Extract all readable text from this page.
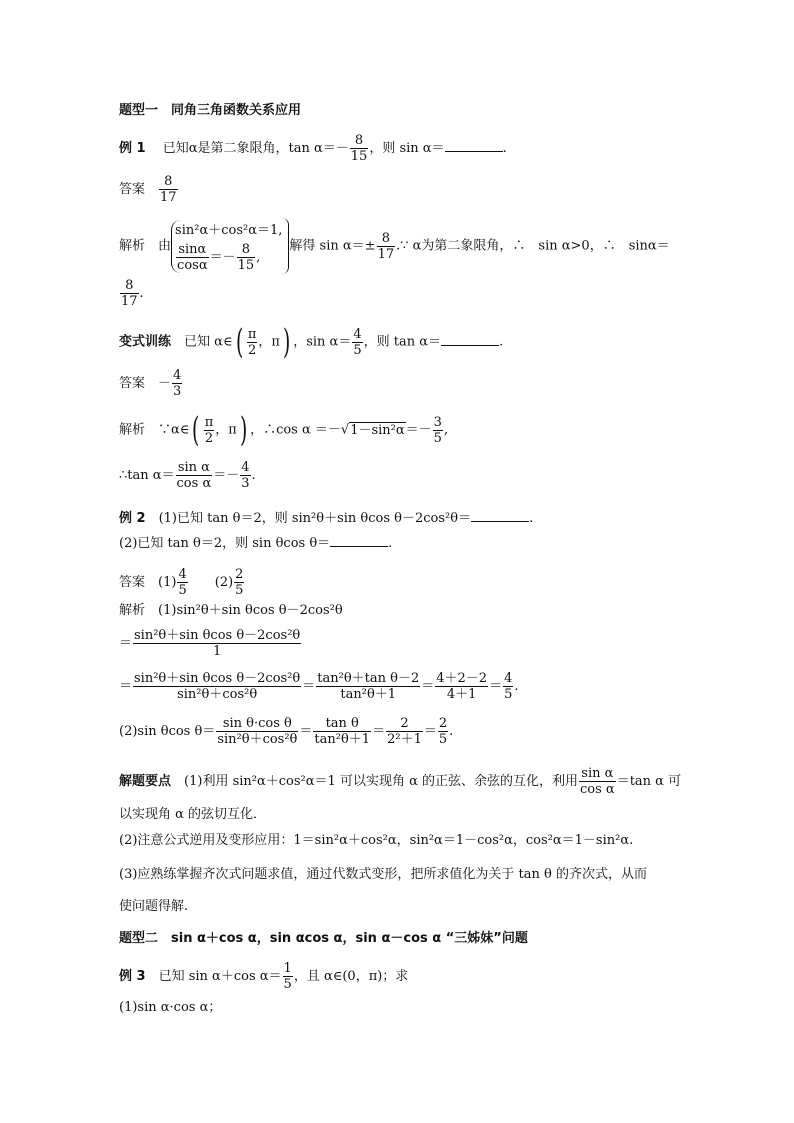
题型一　同角三角函数关系应用
例 1　 已知α是第二象限角，$\tan \alpha=- \frac{8}{15}$ ，则 sin α＝	.
答案　 $\frac{8}{17}$
解析　 由
sin²α＋cos²α＝1,
$\frac{\sin\alpha}{\cos\alpha} =- \frac{8}{15}$ ,
解得 $\sin \alpha=\pm \frac{8}{17}$ .∵ α为第二象限角，∴　sin α>0，∴　sinα＝
$\frac{8}{17}$ .
变式训练　 已知 α∈( $\frac{\pi}{2}$ ，π) ，$\sin \alpha= \frac{4}{5}$ ，则 tan α＝	.
答案　 － $\frac{4}{3}$
解析　 ∵α∈( $\frac{\pi}{2}$ ，π) ，∴cos $\alpha =-√1-\sin^2\alpha=- \frac{3}{5}$ ,
∴tan $\alpha= \frac{\text{sin α}}{\text{cos α}} =- \frac{4}{3}$ .
例 2　 (1)已知 tan θ＝2，则 sin²θ＋sin θcos θ－2cos²θ＝	.
(2)已知 tan θ＝2，则 sin θcos θ＝	.
答案　 $(1) \frac{4}{5}$
　　 $(2) \frac{2}{5}$
解析　 (1)sin²θ＋sin θcos θ－2cos²θ
＝ $\frac{\text{sin²θ＋sin θcos θ－2cos²θ}}{1}$
＝ $\frac{\text{sin²θ＋sin θcos θ－2cos²θ}}{\text{sin²θ＋cos²θ}} = \frac{\text{tan²θ＋tan θ－2}}{\text{tan²θ＋1}} = \frac{4+2-2}{4+1} = \frac{4}{5}$ .
(2)sin θcos $\theta= \frac{\text{sin θ·cos θ}}{\text{sin²θ＋cos²θ}} = \frac{\text{tan θ}}{\text{tan²θ＋1}} = \frac{2}{\text{2²＋1}} = \frac{2}{5}$ .
解题要点　 (1)利用 sin²α＋cos²α＝1 可以实现角 α 的正弦、余弦的互化，利用 $\frac{\text{sin α}}{\text{cos α}} =\tan$ α 可
以实现角 α 的弦切互化．
(2)注意公式逆用及变形应用：1＝sin²α＋cos²α，sin²α＝1－cos²α，cos²α＝1－sin²α.
(3)应熟练掌握齐次式问题求值，通过代数式变形，把所求值化为关于 tan θ 的齐次式，从而
使问题得解.
题型二　sin α＋cos α，sin αcos α，sin α－cos α “三姊妹”问题
例 3　 已知 sin α＋cos $\alpha= \frac{1}{5}$ ，且 α∈(0，π)；求
(1)sin α·cos α；
